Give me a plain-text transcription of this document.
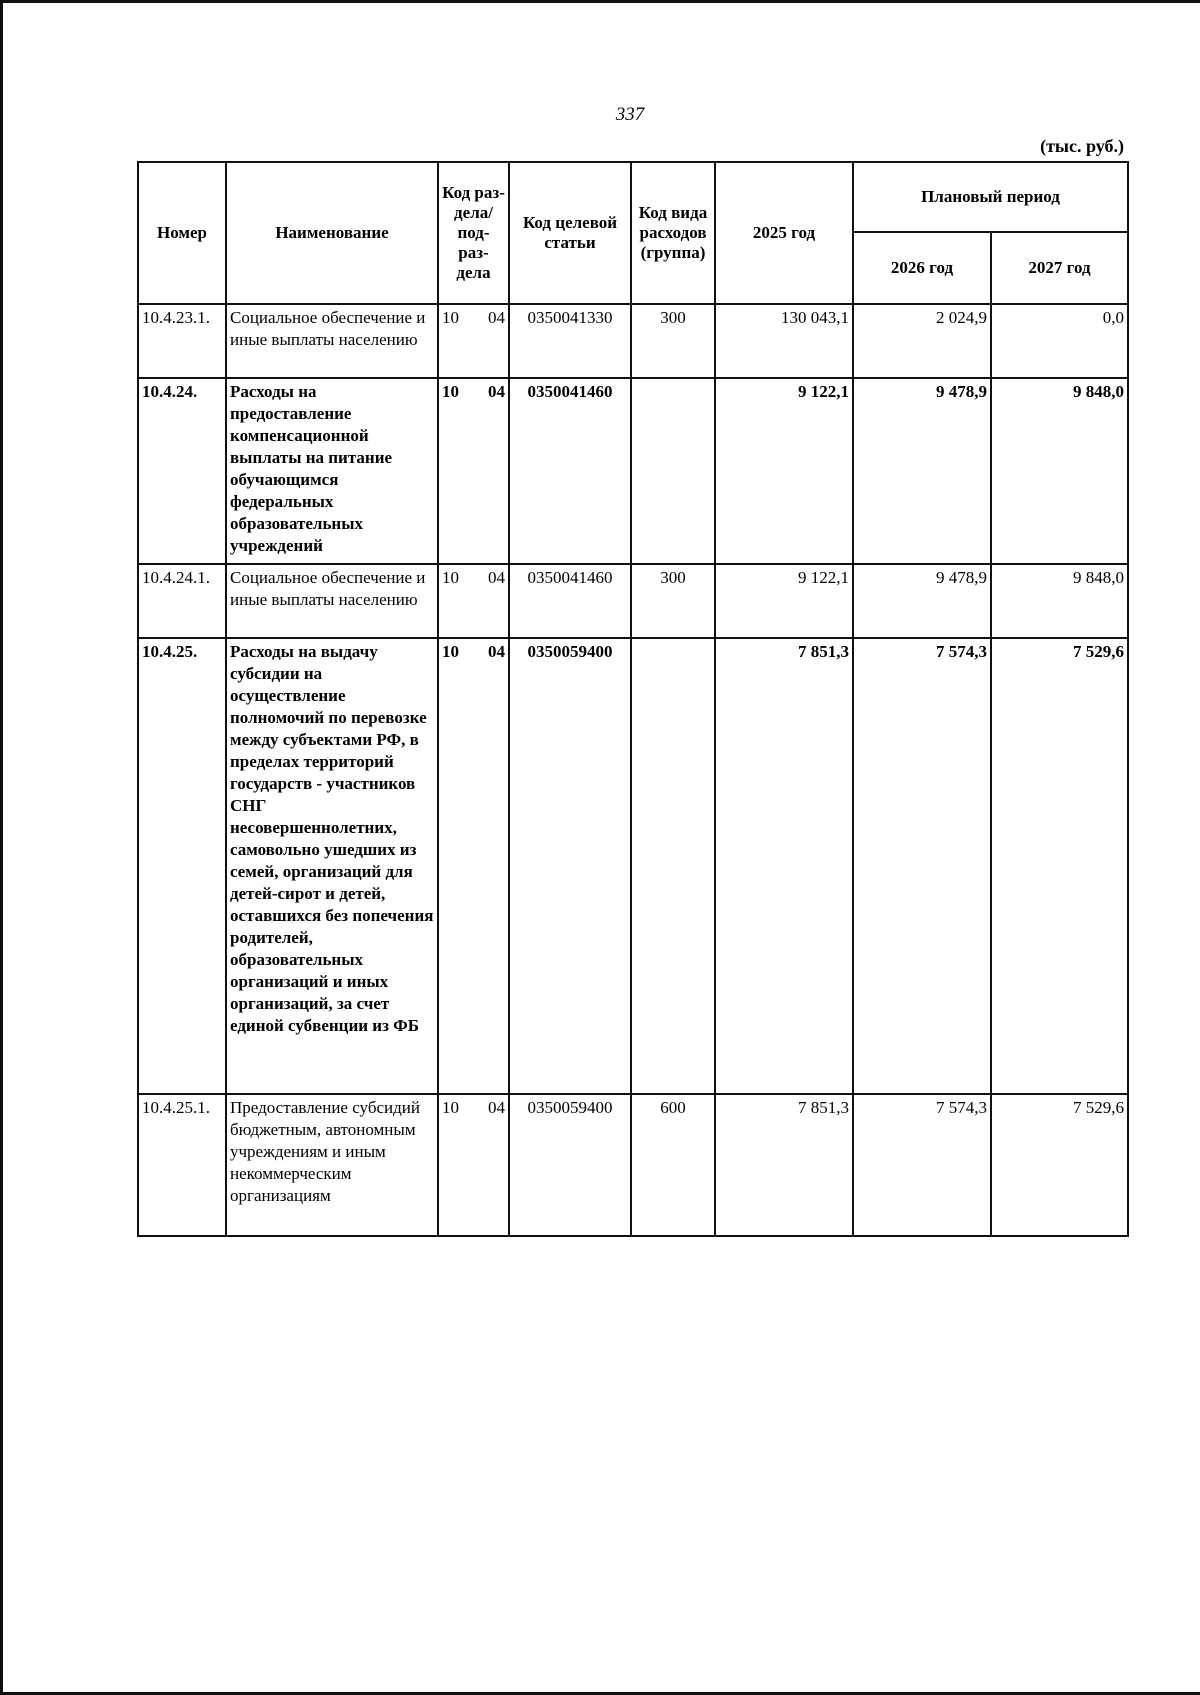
337
(тыс. руб.)
Номер	Наименование	Код раз- дела/ под- раз- дела	Код целевой статьи	Код вида расходов (группа)	2025 год	Плановый период	
						2026 год	2027 год
10.4.23.1.	Социальное обеспечение и иные выплаты населению	10 04	0350041330	300	130 043,1	2 024,9	0,0
10.4.24.	Расходы на предоставление компенсационной выплаты на питание обучающимся федеральных образовательных учреждений	10 04	0350041460		9 122,1	9 478,9	9 848,0
10.4.24.1.	Социальное обеспечение и иные выплаты населению	10 04	0350041460	300	9 122,1	9 478,9	9 848,0
10.4.25.	Расходы на выдачу субсидии на осуществление полномочий по перевозке между субъектами РФ, в пределах территорий государств - участников СНГ несовершеннолетних, самовольно ушедших из семей, организаций для детей-сирот и детей, оставшихся без попечения родителей, образовательных организаций и иных организаций, за счет единой субвенции из ФБ	10 04	0350059400		7 851,3	7 574,3	7 529,6
10.4.25.1.	Предоставление субсидий бюджетным, автономным учреждениям и иным некоммерческим организациям	10 04	0350059400	600	7 851,3	7 574,3	7 529,6
